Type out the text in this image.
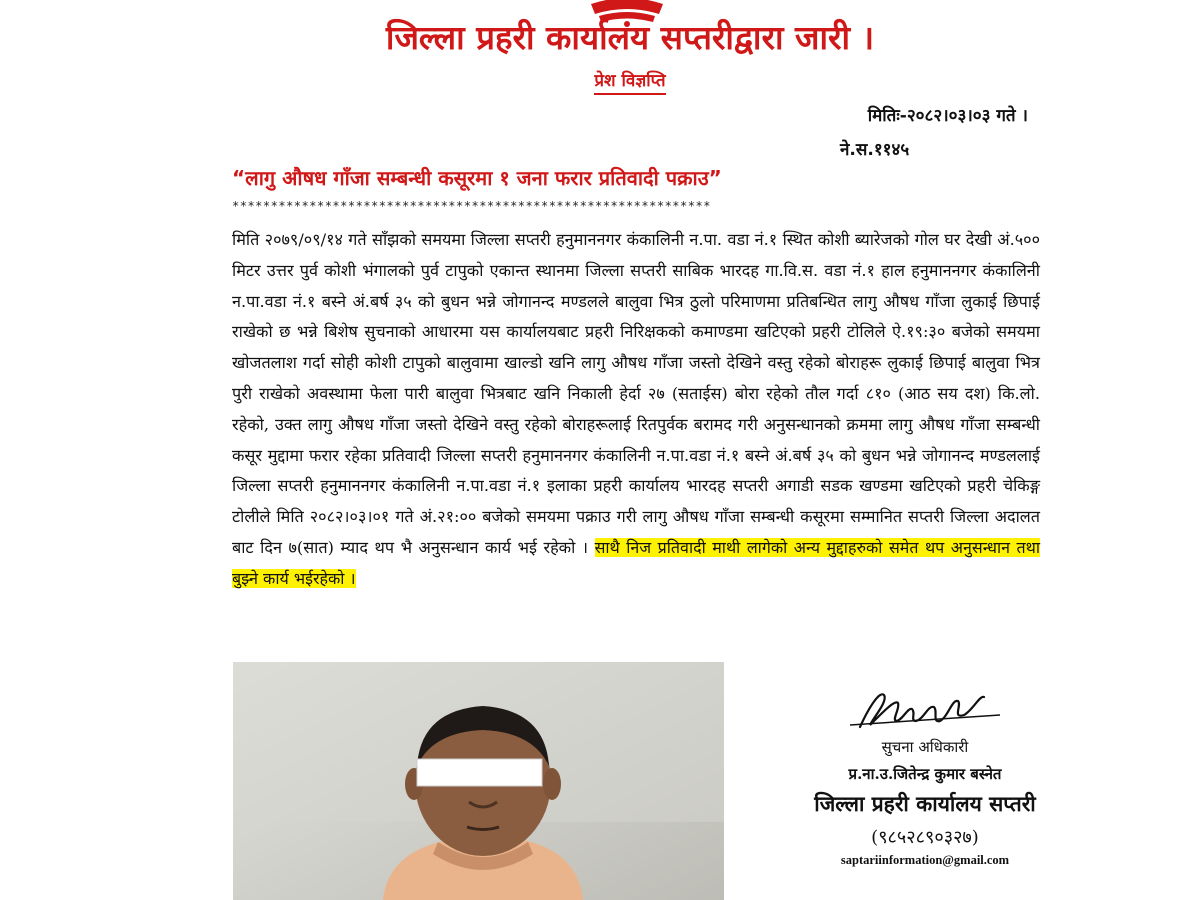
जिल्ला प्रहरी कार्यालय सप्तरीद्वारा जारी ।
प्रेश विज्ञप्ति
मितिः-२०८२।०३।०३ गते ।
ने.स.११४५
“लागु औषध गाँजा सम्बन्धी कसूरमा १ जना फरार प्रतिवादी पक्राउ”
**************************************************************

मिति २०७९/०९/१४ गते साँझको समयमा जिल्ला सप्तरी हनुमाननगर कंकालिनी न.पा. वडा नं.१ स्थित कोशी ब्यारेजको गोल घर देखी अं.५०० मिटर उत्तर पुर्व कोशी भंगालको पुर्व टापुको एकान्त स्थानमा जिल्ला सप्तरी साबिक भारदह गा.वि.स. वडा नं.१ हाल हनुमाननगर कंकालिनी न.पा.वडा नं.१ बस्ने अं.बर्ष ३५ को बुधन भन्ने जोगानन्द मण्डलले बालुवा भित्र ठुलो परिमाणमा प्रतिबन्धित लागु औषध गाँजा लुकाई छिपाई राखेको छ भन्ने बिशेष सुचनाको आधारमा यस कार्यालयबाट प्रहरी निरिक्षकको कमाण्डमा खटिएको प्रहरी टोलिले ऐ.१९:३० बजेको समयमा खोजतलाश गर्दा सोही कोशी टापुको बालुवामा खाल्डो खनि लागु औषध गाँजा जस्तो देखिने वस्तु रहेको बोराहरू लुकाई छिपाई बालुवा भित्र पुरी राखेको अवस्थामा फेला पारी बालुवा भित्रबाट खनि निकाली हेर्दा २७ (सताईस) बोरा रहेको तौल गर्दा ८१० (आठ सय दश) कि.लो. रहेको, उक्त लागु औषध गाँजा जस्तो देखिने वस्तु रहेको बोराहरूलाई रितपुर्वक बरामद गरी अनुसन्धानको क्रममा लागु औषध गाँजा सम्बन्धी कसूर मुद्दामा फरार रहेका प्रतिवादी जिल्ला सप्तरी हनुमाननगर कंकालिनी न.पा.वडा नं.१ बस्ने अं.बर्ष ३५ को बुधन भन्ने जोगानन्द मण्डललाई जिल्ला सप्तरी हनुमाननगर कंकालिनी न.पा.वडा नं.१ इलाका प्रहरी कार्यालय भारदह सप्तरी अगाडी सडक खण्डमा खटिएको प्रहरी चेकिङ्ग टोलीले मिति २०८२।०३।०१ गते अं.२१:०० बजेको समयमा पक्राउ गरी लागु औषध गाँजा सम्बन्धी कसूरमा सम्मानित सप्तरी जिल्ला अदालत बाट दिन ७(सात) म्याद थप भै अनुसन्धान कार्य भई रहेको । साथै निज प्रतिवादी माथी लागेको अन्य मुद्दाहरुको समेत थप अनुसन्धान तथा बुझ्ने कार्य भईरहेको ।

सुचना अधिकारी
प्र.ना.उ.जितेन्द्र कुमार बस्नेत
जिल्ला प्रहरी कार्यालय सप्तरी
(९८५२८९०३२७)
saptariinformation@gmail.com
